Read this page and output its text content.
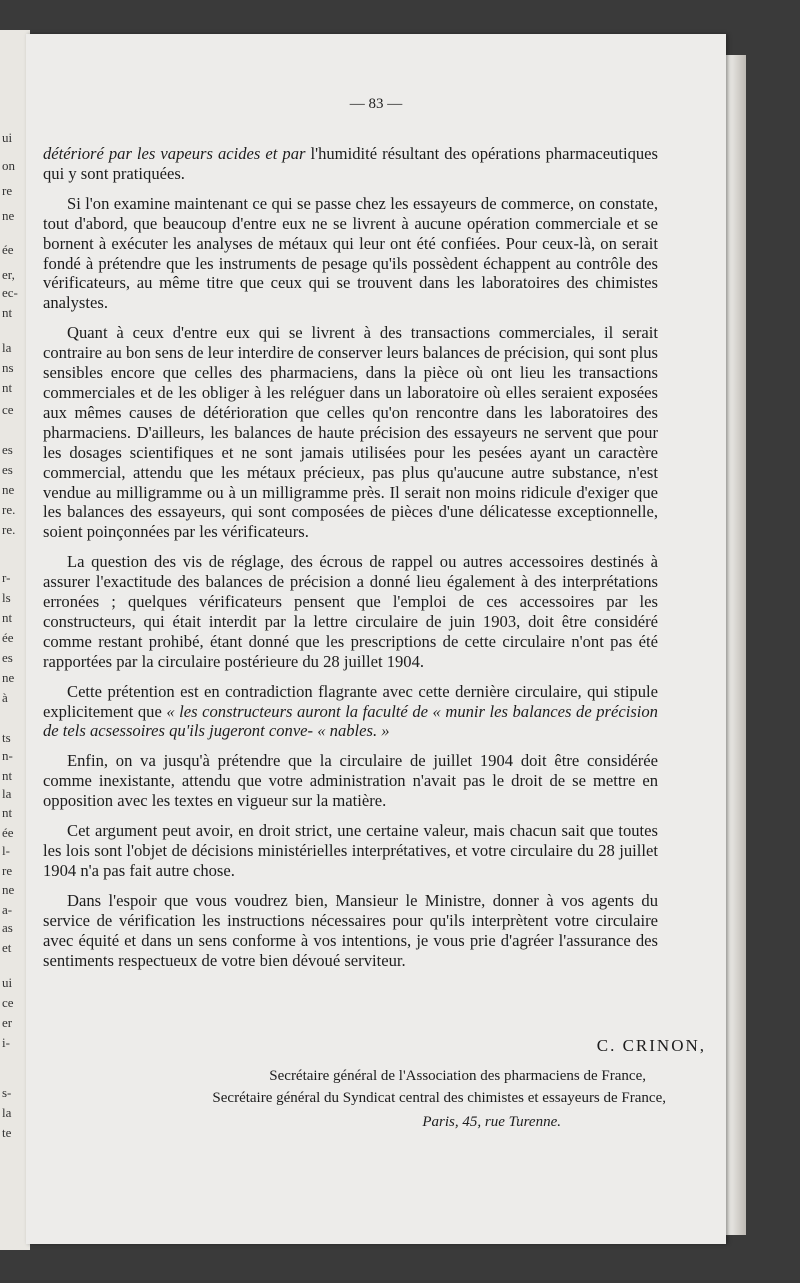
ui
on
re
ne
ée
er,
ec-
nt
la
ns
nt
ce
es
es
ne
re.
re.
r-
ls
nt
ée
es
ne
à
ts
n-
nt
la
nt
ée
l-
re
ne
a-
as
et
ui
ce
er
i-
s-
la
te
— 83 —

détérioré par les vapeurs acides et par l'humidité résultant des opérations pharmaceutiques qui y sont pratiquées.

Si l'on examine maintenant ce qui se passe chez les essayeurs de commerce, on constate, tout d'abord, que beaucoup d'entre eux ne se livrent à aucune opération commerciale et se bornent à exécuter les analyses de métaux qui leur ont été confiées. Pour ceux-là, on serait fondé à prétendre que les instruments de pesage qu'ils possèdent échappent au contrôle des vérificateurs, au même titre que ceux qui se trouvent dans les laboratoires des chimistes analystes.

Quant à ceux d'entre eux qui se livrent à des transactions commerciales, il serait contraire au bon sens de leur interdire de conserver leurs balances de précision, qui sont plus sensibles encore que celles des pharmaciens, dans la pièce où ont lieu les transactions commerciales et de les obliger à les reléguer dans un laboratoire où elles seraient exposées aux mêmes causes de détérioration que celles qu'on rencontre dans les laboratoires des pharmaciens. D'ailleurs, les balances de haute précision des essayeurs ne servent que pour les dosages scientifiques et ne sont jamais utilisées pour les pesées ayant un caractère commercial, attendu que les métaux précieux, pas plus qu'aucune autre substance, n'est vendue au milligramme ou à un milligramme près. Il serait non moins ridicule d'exiger que les balances des essayeurs, qui sont composées de pièces d'une délicatesse exceptionnelle, soient poinçonnées par les vérificateurs.

La question des vis de réglage, des écrous de rappel ou autres accessoires destinés à assurer l'exactitude des balances de précision a donné lieu également à des interprétations erronées ; quelques vérificateurs pensent que l'emploi de ces accessoires par les constructeurs, qui était interdit par la lettre circulaire de juin 1903, doit être considéré comme restant prohibé, étant donné que les prescriptions de cette circulaire n'ont pas été rapportées par la circulaire postérieure du 28 juillet 1904.

Cette prétention est en contradiction flagrante avec cette dernière circulaire, qui stipule explicitement que « les constructeurs auront la faculté de « munir les balances de précision de tels acsessoires qu'ils jugeront conve- « nables. »

Enfin, on va jusqu'à prétendre que la circulaire de juillet 1904 doit être considérée comme inexistante, attendu que votre administration n'avait pas le droit de se mettre en opposition avec les textes en vigueur sur la matière.

Cet argument peut avoir, en droit strict, une certaine valeur, mais chacun sait que toutes les lois sont l'objet de décisions ministérielles interprétatives, et votre circulaire du 28 juillet 1904 n'a pas fait autre chose.

Dans l'espoir que vous voudrez bien, Mansieur le Ministre, donner à vos agents du service de vérification les instructions nécessaires pour qu'ils interprètent votre circulaire avec équité et dans un sens conforme à vos intentions, je vous prie d'agréer l'assurance des sentiments respectueux de votre bien dévoué serviteur.

C. CRINON,
Secrétaire général de l'Association des pharmaciens de France,
Secrétaire général du Syndicat central des chimistes et essayeurs de France,
Paris, 45, rue Turenne.
